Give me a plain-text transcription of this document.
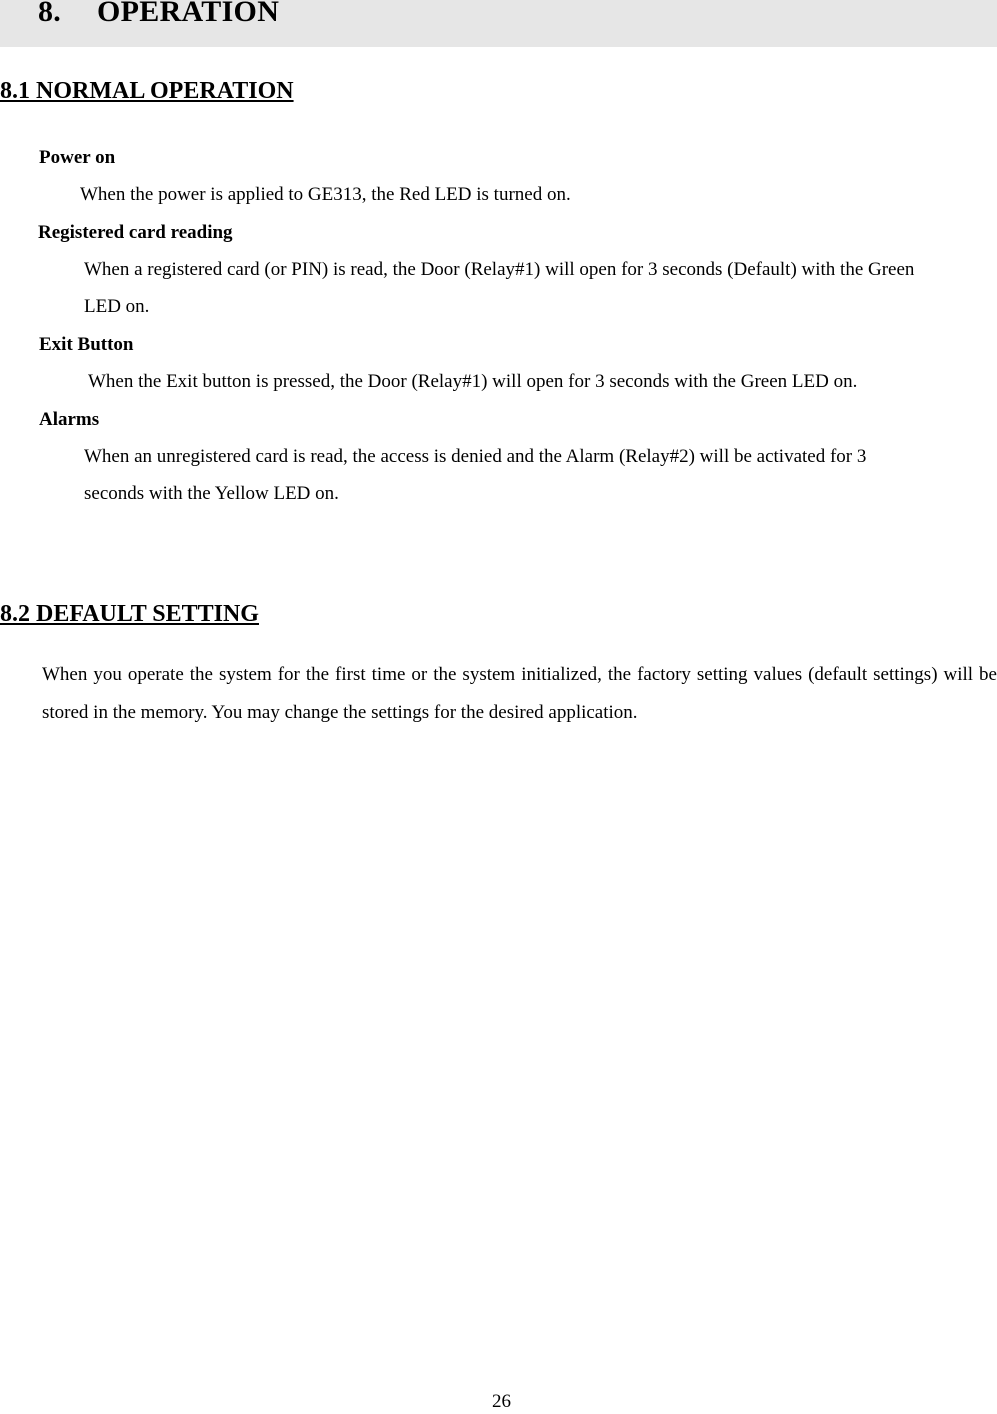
8. OPERATION
8.1 NORMAL OPERATION
Power on
When the power is applied to GE313, the Red LED is turned on.
Registered card reading
When a registered card (or PIN) is read, the Door (Relay#1) will open for 3 seconds (Default) with the Green
LED on.
Exit Button
When the Exit button is pressed, the Door (Relay#1) will open for 3 seconds with the Green LED on.
Alarms
When an unregistered card is read, the access is denied and the Alarm (Relay#2) will be activated for 3
seconds with the Yellow LED on.
8.2 DEFAULT SETTING
When you operate the system for the first time or the system initialized, the factory setting values (default settings) will be stored in the memory. You may change the settings for the desired application.
26
